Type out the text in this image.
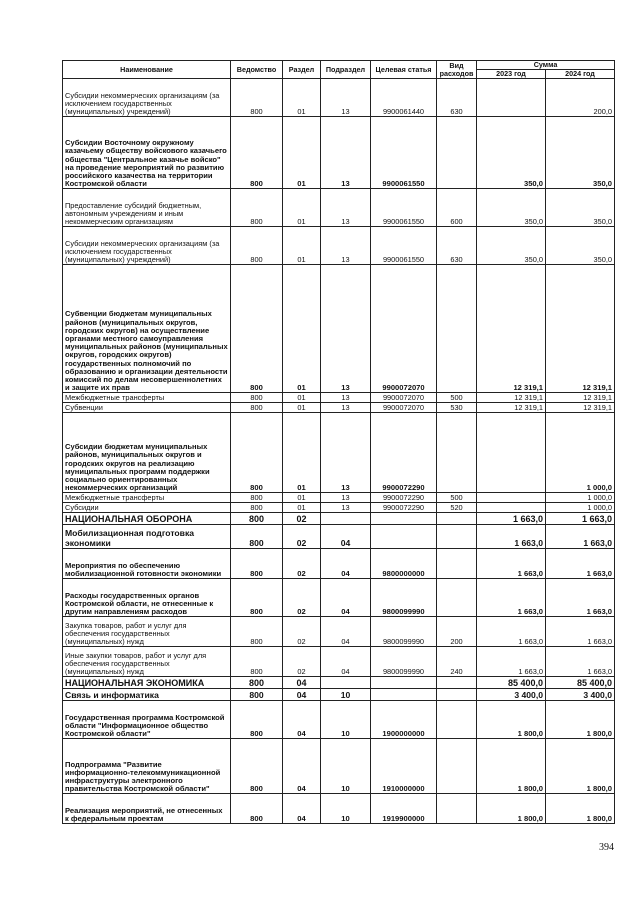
Наименование	Ведомство	Раздел	Подраздел	Целевая статья	Вид расходов	Сумма	
						2023 год	2024 год
Субсидии некоммерческих организациям (за исключением государственных (муниципальных) учреждений)	800	01	13	9900061440	630		200,0
Субсидии Восточному окружному казачьему обществу войскового казачьего общества "Центральное казачье войско" на проведение мероприятий по развитию российского казачества на территории Костромской области	800	01	13	9900061550		350,0	350,0
Предоставление субсидий бюджетным, автономным учреждениям и иным некоммерческим организациям	800	01	13	9900061550	600	350,0	350,0
Субсидии некоммерческих организациям (за исключением государственных (муниципальных) учреждений)	800	01	13	9900061550	630	350,0	350,0
Субвенции бюджетам муниципальных районов (муниципальных округов, городских округов) на осуществление органами местного самоуправления муниципальных районов (муниципальных округов, городских округов) государственных полномочий по образованию и организации деятельности комиссий по делам несовершеннолетних и защите их прав	800	01	13	9900072070		12 319,1	12 319,1
Межбюджетные трансферты	800	01	13	9900072070	500	12 319,1	12 319,1
Субвенции	800	01	13	9900072070	530	12 319,1	12 319,1
Субсидии бюджетам муниципальных районов, муниципальных округов и городских округов на реализацию муниципальных программ поддержки социально ориентированных некоммерческих организаций	800	01	13	9900072290			1 000,0
Межбюджетные трансферты	800	01	13	9900072290	500		1 000,0
Субсидии	800	01	13	9900072290	520		1 000,0
НАЦИОНАЛЬНАЯ ОБОРОНА	800	02				1 663,0	1 663,0
Мобилизационная подготовка экономики	800	02	04			1 663,0	1 663,0
Мероприятия по обеспечению мобилизационной готовности экономики	800	02	04	9800000000		1 663,0	1 663,0
Расходы государственных органов Костромской области, не отнесенные к другим направлениям расходов	800	02	04	9800099990		1 663,0	1 663,0
Закупка товаров, работ и услуг для обеспечения государственных (муниципальных) нужд	800	02	04	9800099990	200	1 663,0	1 663,0
Иные закупки товаров, работ и услуг для обеспечения государственных (муниципальных) нужд	800	02	04	9800099990	240	1 663,0	1 663,0
НАЦИОНАЛЬНАЯ ЭКОНОМИКА	800	04				85 400,0	85 400,0
Связь и информатика	800	04	10			3 400,0	3 400,0
Государственная программа Костромской области "Информационное общество Костромской области"	800	04	10	1900000000		1 800,0	1 800,0
Подпрограмма "Развитие информационно-телекоммуникационной инфраструктуры электронного правительства Костромской области"	800	04	10	1910000000		1 800,0	1 800,0
Реализация мероприятий, не отнесенных к федеральным проектам	800	04	10	1919900000		1 800,0	1 800,0
394
